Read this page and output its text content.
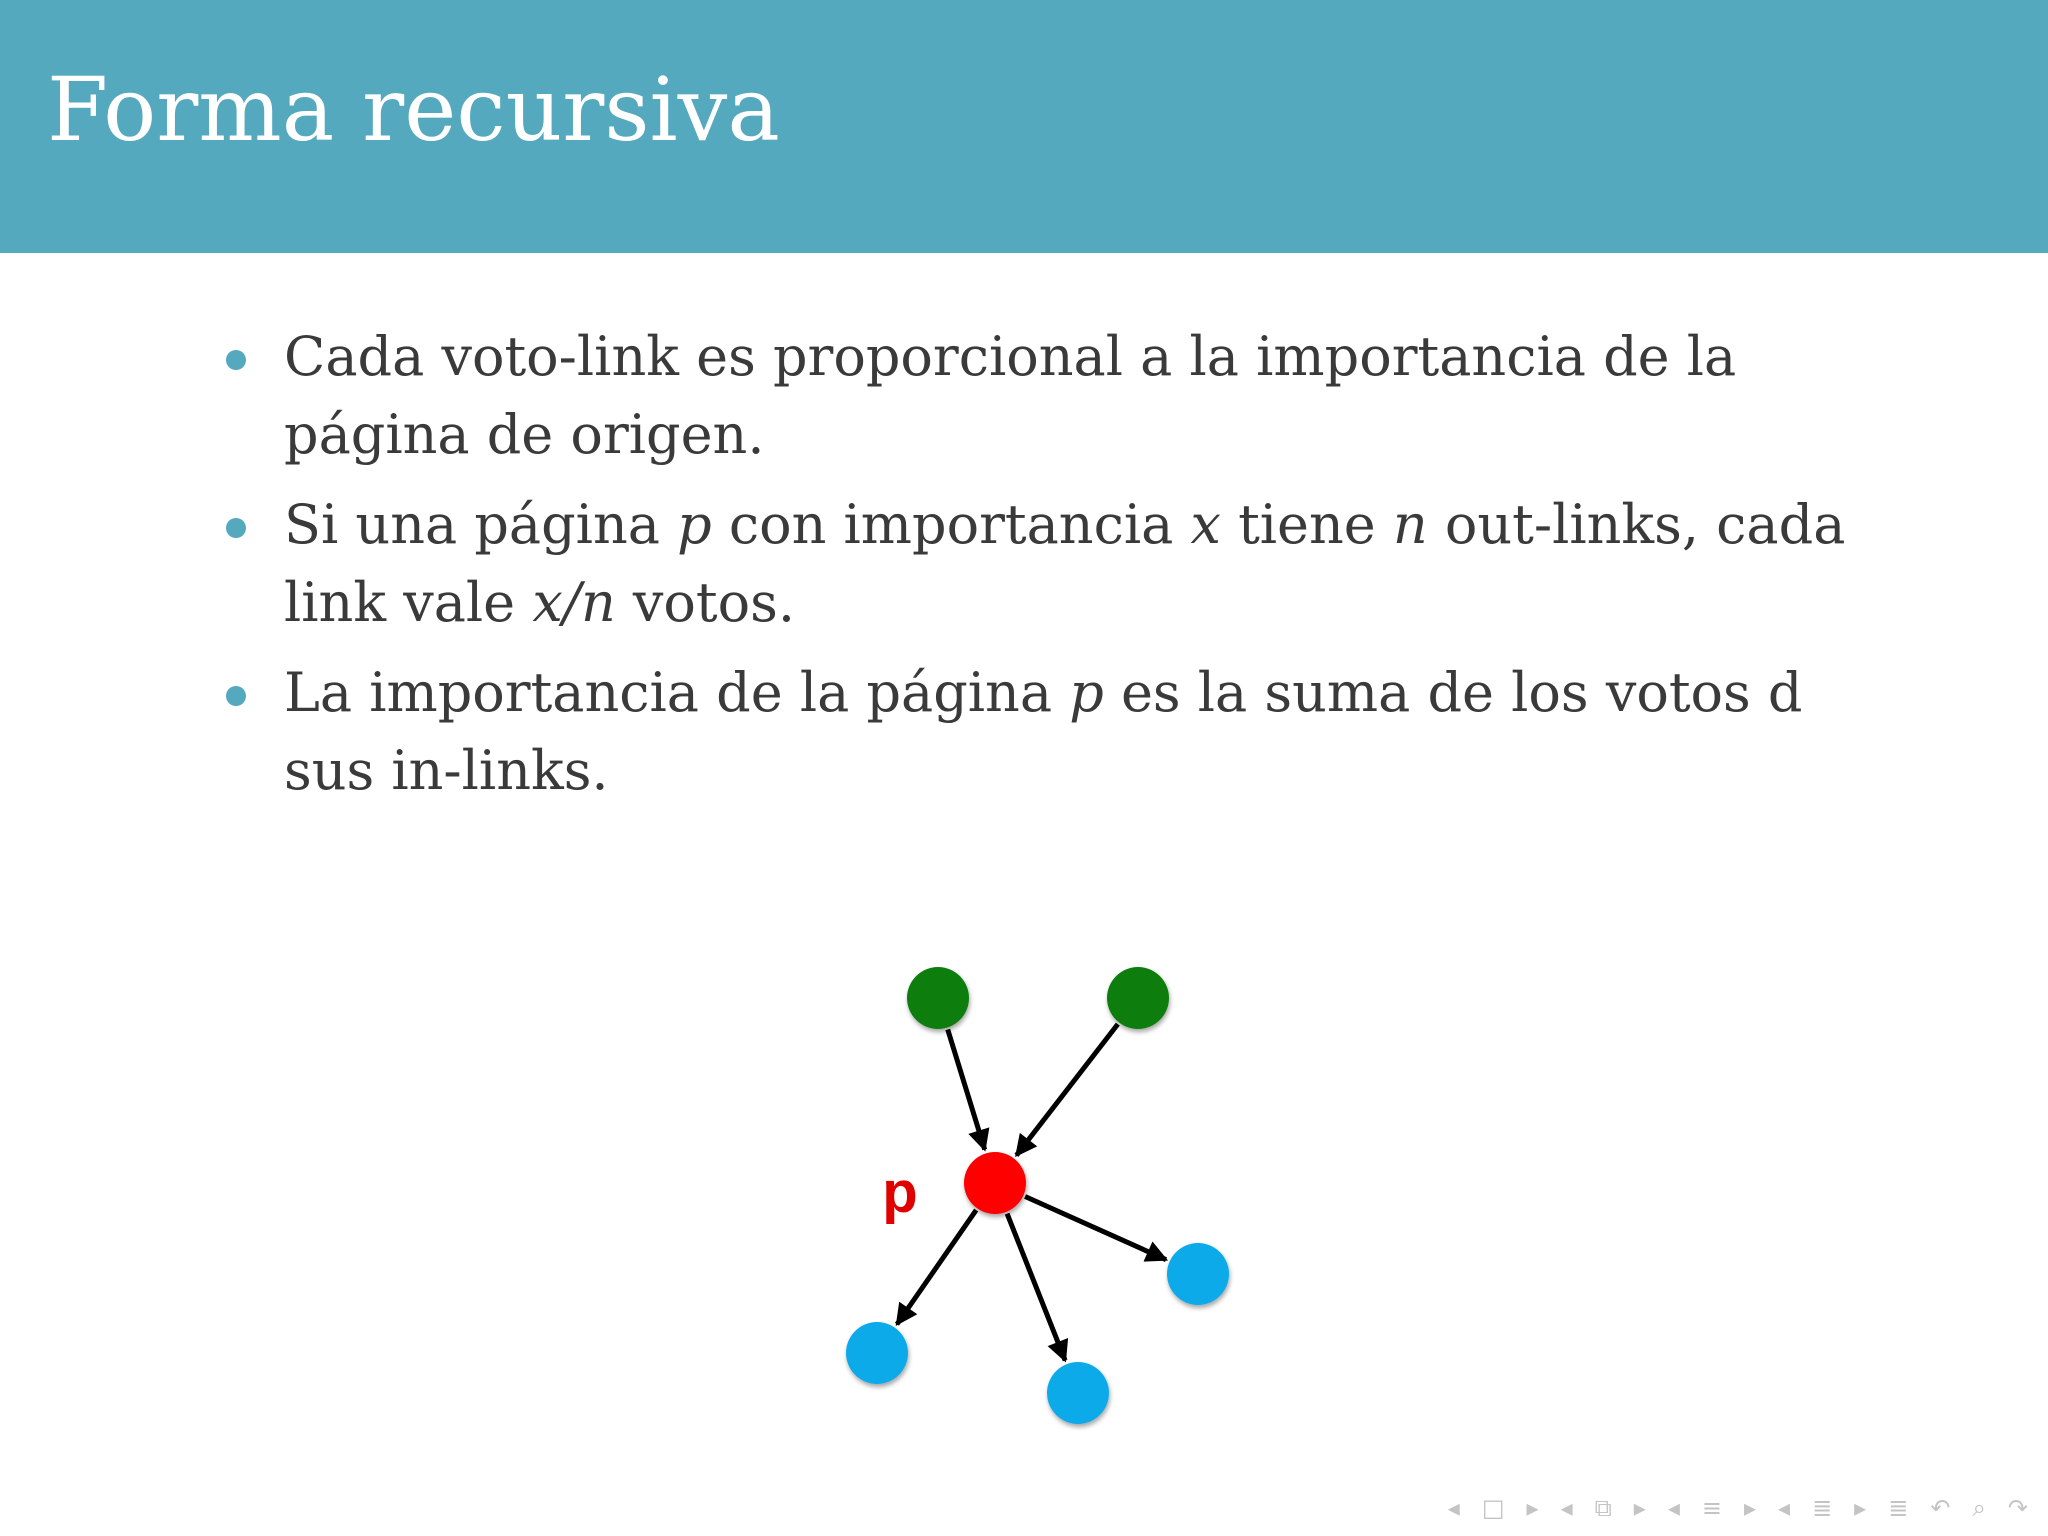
Forma recursiva
Cada voto-link es proporcional a la importancia de la página de origen.
Si una página p con importancia x tiene n out-links, cada link vale x/n votos.
La importancia de la página p es la suma de los votos d sus in-links.
p
◂ □ ▸ ◂ ⧉ ▸ ◂ ≡ ▸ ◂ ≣ ▸ ≣ ↶ ⌕ ↷
